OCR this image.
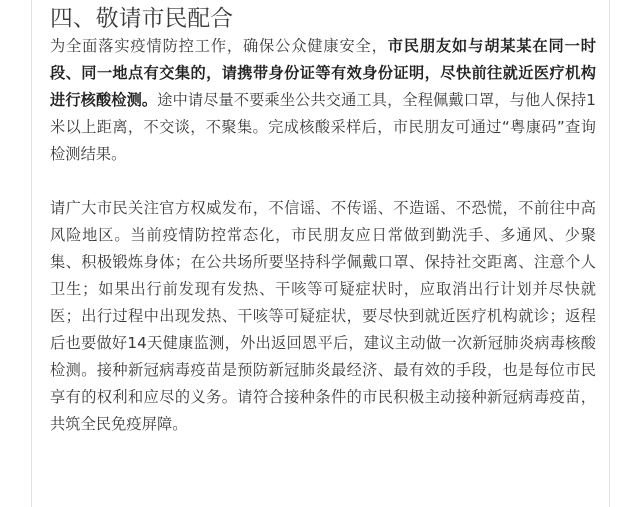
四、敬请市民配合

为全面落实疫情防控工作，确保公众健康安全，市民朋友如与胡某某在同一时段、同一地点有交集的，请携带身份证等有效身份证明，尽快前往就近医疗机构进行核酸检测。途中请尽量不要乘坐公共交通工具，全程佩戴口罩，与他人保持1米以上距离，不交谈，不聚集。完成核酸采样后，市民朋友可通过“粤康码”查询检测结果。

请广大市民关注官方权威发布，不信谣、不传谣、不造谣、不恐慌，不前往中高风险地区。当前疫情防控常态化，市民朋友应日常做到勤洗手、多通风、少聚集、积极锻炼身体；在公共场所要坚持科学佩戴口罩、保持社交距离、注意个人卫生；如果出行前发现有发热、干咳等可疑症状时，应取消出行计划并尽快就医；出行过程中出现发热、干咳等可疑症状，要尽快到就近医疗机构就诊；返程后也要做好14天健康监测，外出返回恩平后，建议主动做一次新冠肺炎病毒核酸检测。接种新冠病毒疫苗是预防新冠肺炎最经济、最有效的手段，也是每位市民享有的权利和应尽的义务。请符合接种条件的市民积极主动接种新冠病毒疫苗，共筑全民免疫屏障。
